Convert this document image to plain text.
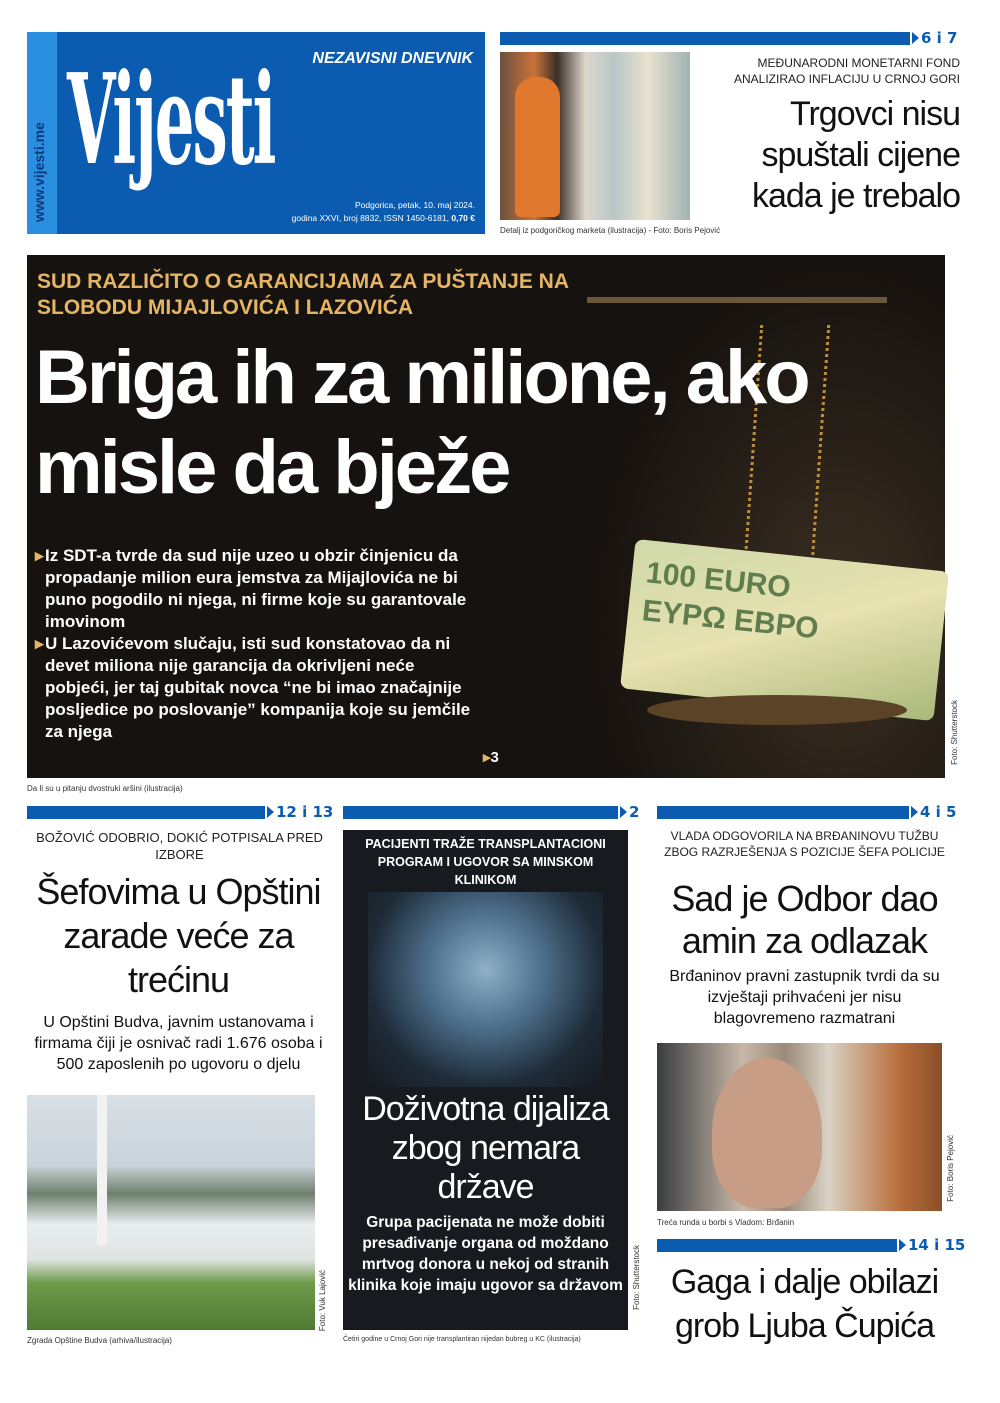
www.vijesti.me Vijesti NEZAVISNI DNEVNIK
Podgorica, petak, 10. maj 2024.
godina XXVI, broj 8832, ISSN 1450-6181, 0,70 €
6 i 7
MEĐUNARODNI MONETARNI FOND ANALIZIRAO INFLACIJU U CRNOJ GORI
Trgovci nisu spuštali cijene kada je trebalo
Detalj iz podgoričkog marketa (ilustracija) - Foto: Boris Pejović
100 EURO ΕΥΡΩ ЕВРО
SUD RAZLIČITO O GARANCIJAMA ZA PUŠTANJE NA SLOBODU MIJAJLOVIĆA I LAZOVIĆA
Briga ih za milione, ako misle da bježe
▸ Iz SDT-a tvrde da sud nije uzeo u obzir činjenicu da propadanje milion eura jemstva za Mijajlovića ne bi puno pogodilo ni njega, ni firme koje su garantovale imovinom
▸ U Lazovićevom slučaju, isti sud konstatovao da ni devet miliona nije garancija da okrivljeni neće pobjeći, jer taj gubitak novca “ne bi imao značajnije posljedice po poslovanje” kompanija koje su jemčile za njega
▸3	Foto: Shutterstock
Da li su u pitanju dvostruki aršini (ilustracija)
12 i 13	2	4 i 5
BOŽOVIĆ ODOBRIO, DOKIĆ POTPISALA PRED IZBORE
Šefovima u Opštini zarade veće za trećinu
U Opštini Budva, javnim ustanovama i firmama čiji je osnivač radi 1.676 osoba i 500 zaposlenih po ugovoru o djelu
Foto: Vuk Lajović
Zgrada Opštine Budva (arhiva/ilustracija)
PACIJENTI TRAŽE TRANSPLANTACIONI PROGRAM I UGOVOR SA MINSKOM KLINIKOM
Doživotna dijaliza zbog nemara države
Grupa pacijenata ne može dobiti presađivanje organa od moždano mrtvog donora u nekoj od stranih klinika koje imaju ugovor sa državom Foto: Shutterstock
Četiri godine u Crnoj Gori nije transplantiran nijedan bubreg u KC (ilustracija)
VLADA ODGOVORILA NA BRĐANINOVU TUŽBU ZBOG RAZRJEŠENJA S POZICIJE ŠEFA POLICIJE
Sad je Odbor dao amin za odlazak
Brđaninov pravni zastupnik tvrdi da su izvještaji prihvaćeni jer nisu blagovremeno razmatrani
Foto: Boris Pejović
Treća runda u borbi s Vladom: Brđanin
14 i 15
Gaga i dalje obilazi grob Ljuba Čupića
